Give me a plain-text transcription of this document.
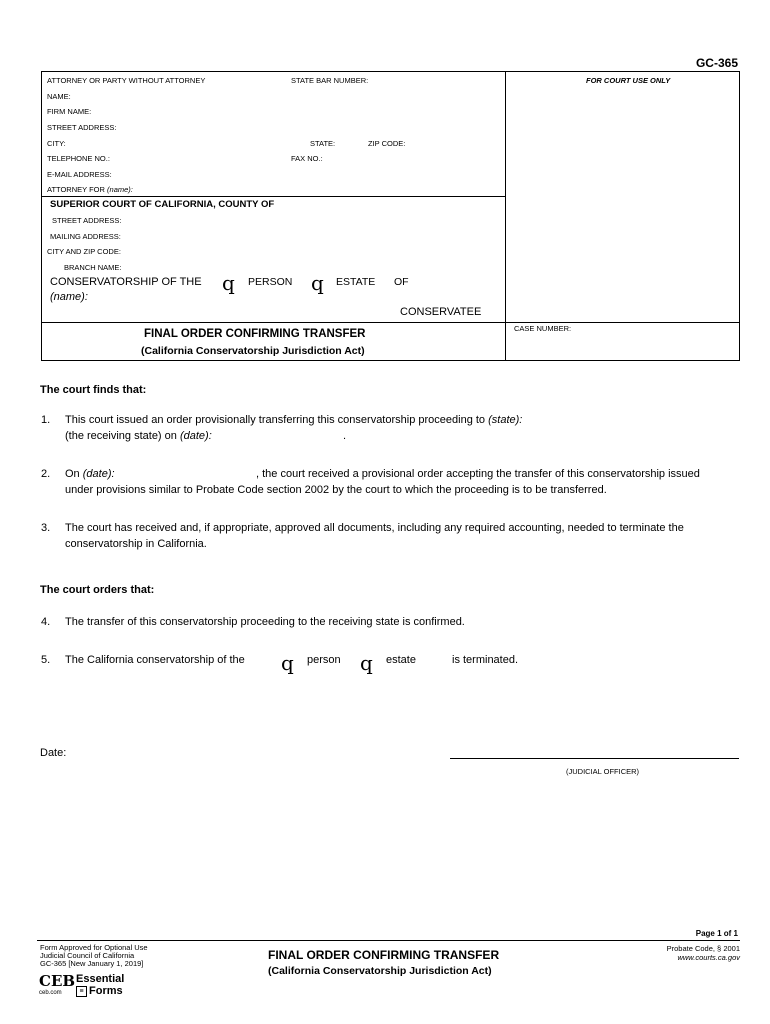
GC-365
ATTORNEY OR PARTY WITHOUT ATTORNEY	STATE BAR NUMBER:	FOR COURT USE ONLY
NAME:
FIRM NAME:
STREET ADDRESS:
CITY:	STATE:	ZIP CODE:
TELEPHONE NO.:	FAX NO.:
E-MAIL ADDRESS:
ATTORNEY FOR (name):
SUPERIOR COURT OF CALIFORNIA, COUNTY OF
STREET ADDRESS:
MAILING ADDRESS:
CITY AND ZIP CODE:
BRANCH NAME:
CONSERVATORSHIP OF THE q PERSON q ESTATE OF
(name):
CONSERVATEE
FINAL ORDER CONFIRMING TRANSFER
(California Conservatorship Jurisdiction Act)
CASE NUMBER:
The court finds that:
1. This court issued an order provisionally transferring this conservatorship proceeding to (state):
(the receiving state) on (date):	.
2. On (date):	, the court received a provisional order accepting the transfer of this conservatorship issued
under provisions similar to Probate Code section 2002 by the court to which the proceeding is to be transferred.
3. The court has received and, if appropriate, approved all documents, including any required accounting, needed to terminate the
conservatorship in California.
The court orders that:
4. The transfer of this conservatorship proceeding to the receiving state is confirmed.
5. The California conservatorship of the q person q estate	is terminated.
Date:
(JUDICIAL OFFICER)
Page 1 of 1
Form Approved for Optional Use
Judicial Council of California
GC-365 [New January 1, 2019]
FINAL ORDER CONFIRMING TRANSFER
(California Conservatorship Jurisdiction Act)
Probate Code, § 2001
www.courts.ca.gov
CEB
ceb.com
Essential
≡ Forms
